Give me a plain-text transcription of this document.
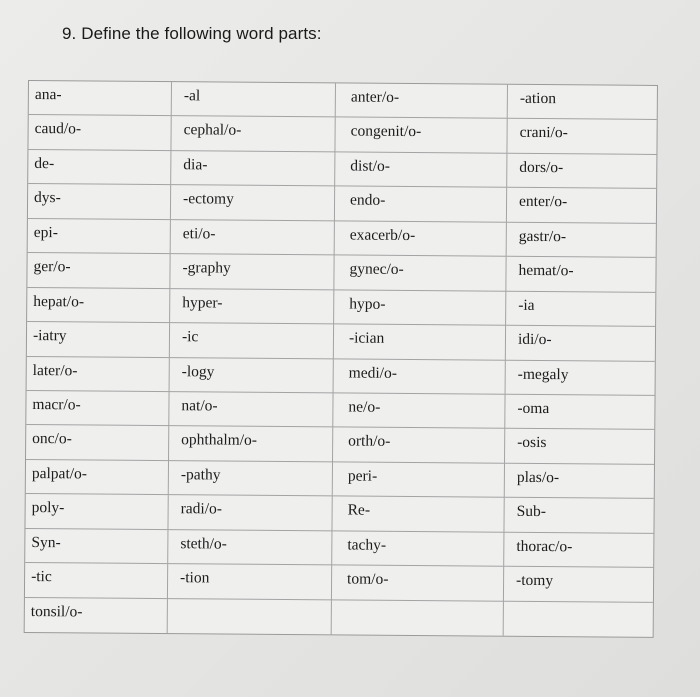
9. Define the following word parts:
ana-	-al	anter/o-	-ation
caud/o-	cephal/o-	congenit/o-	crani/o-
de-	dia-	dist/o-	dors/o-
dys-	-ectomy	endo-	enter/o-
epi-	eti/o-	exacerb/o-	gastr/o-
ger/o-	-graphy	gynec/o-	hemat/o-
hepat/o-	hyper-	hypo-	-ia
-iatry	-ic	-ician	idi/o-
later/o-	-logy	medi/o-	-megaly
macr/o-	nat/o-	ne/o-	-oma
onc/o-	ophthalm/o-	orth/o-	-osis
palpat/o-	-pathy	peri-	plas/o-
poly-	radi/o-	Re-	Sub-
Syn-	steth/o-	tachy-	thorac/o-
-tic	-tion	tom/o-	-tomy
tonsil/o-
